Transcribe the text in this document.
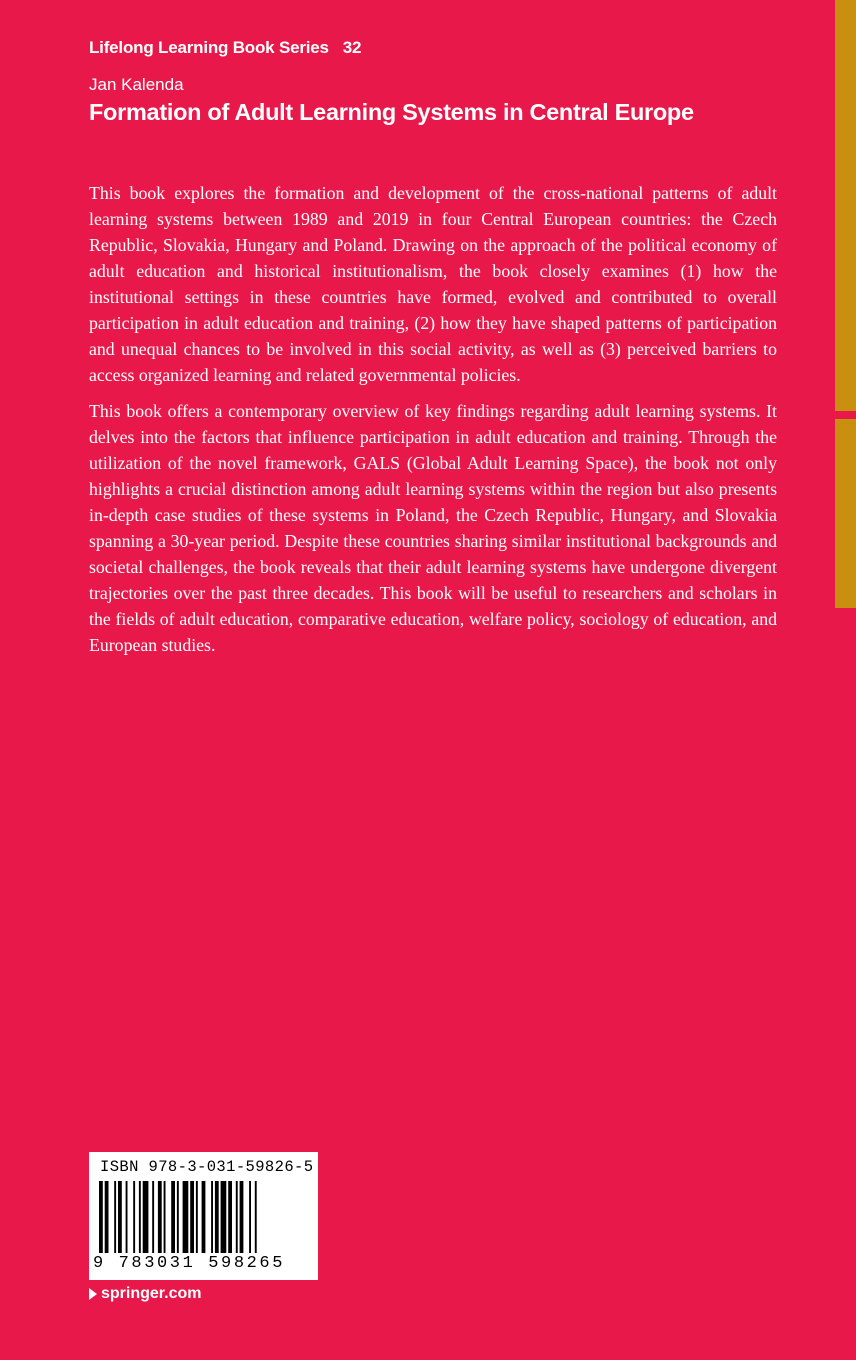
Lifelong Learning Book Series 32
Jan Kalenda
Formation of Adult Learning Systems in Central Europe

This book explores the formation and development of the cross-national patterns of adult learning systems between 1989 and 2019 in four Central European countries: the Czech Republic, Slovakia, Hungary and Poland. Drawing on the approach of the political economy of adult education and historical institutionalism, the book closely examines (1) how the institutional settings in these countries have formed, evolved and contributed to overall participation in adult education and training, (2) how they have shaped patterns of participation and unequal chances to be involved in this social activity, as well as (3) perceived barriers to access organized learning and related governmental policies.

This book offers a contemporary overview of key findings regarding adult learning systems. It delves into the factors that influence participation in adult education and training. Through the utilization of the novel framework, GALS (Global Adult Learning Space), the book not only highlights a crucial distinction among adult learning systems within the region but also presents in-depth case studies of these systems in Poland, the Czech Republic, Hungary, and Slovakia spanning a 30-year period. Despite these countries sharing similar institutional backgrounds and societal challenges, the book reveals that their adult learning systems have undergone divergent trajectories over the past three decades. This book will be useful to researchers and scholars in the fields of adult education, comparative education, welfare policy, sociology of education, and European studies.

ISBN 978-3-031-59826-5
9 783031 598265
springer.com
